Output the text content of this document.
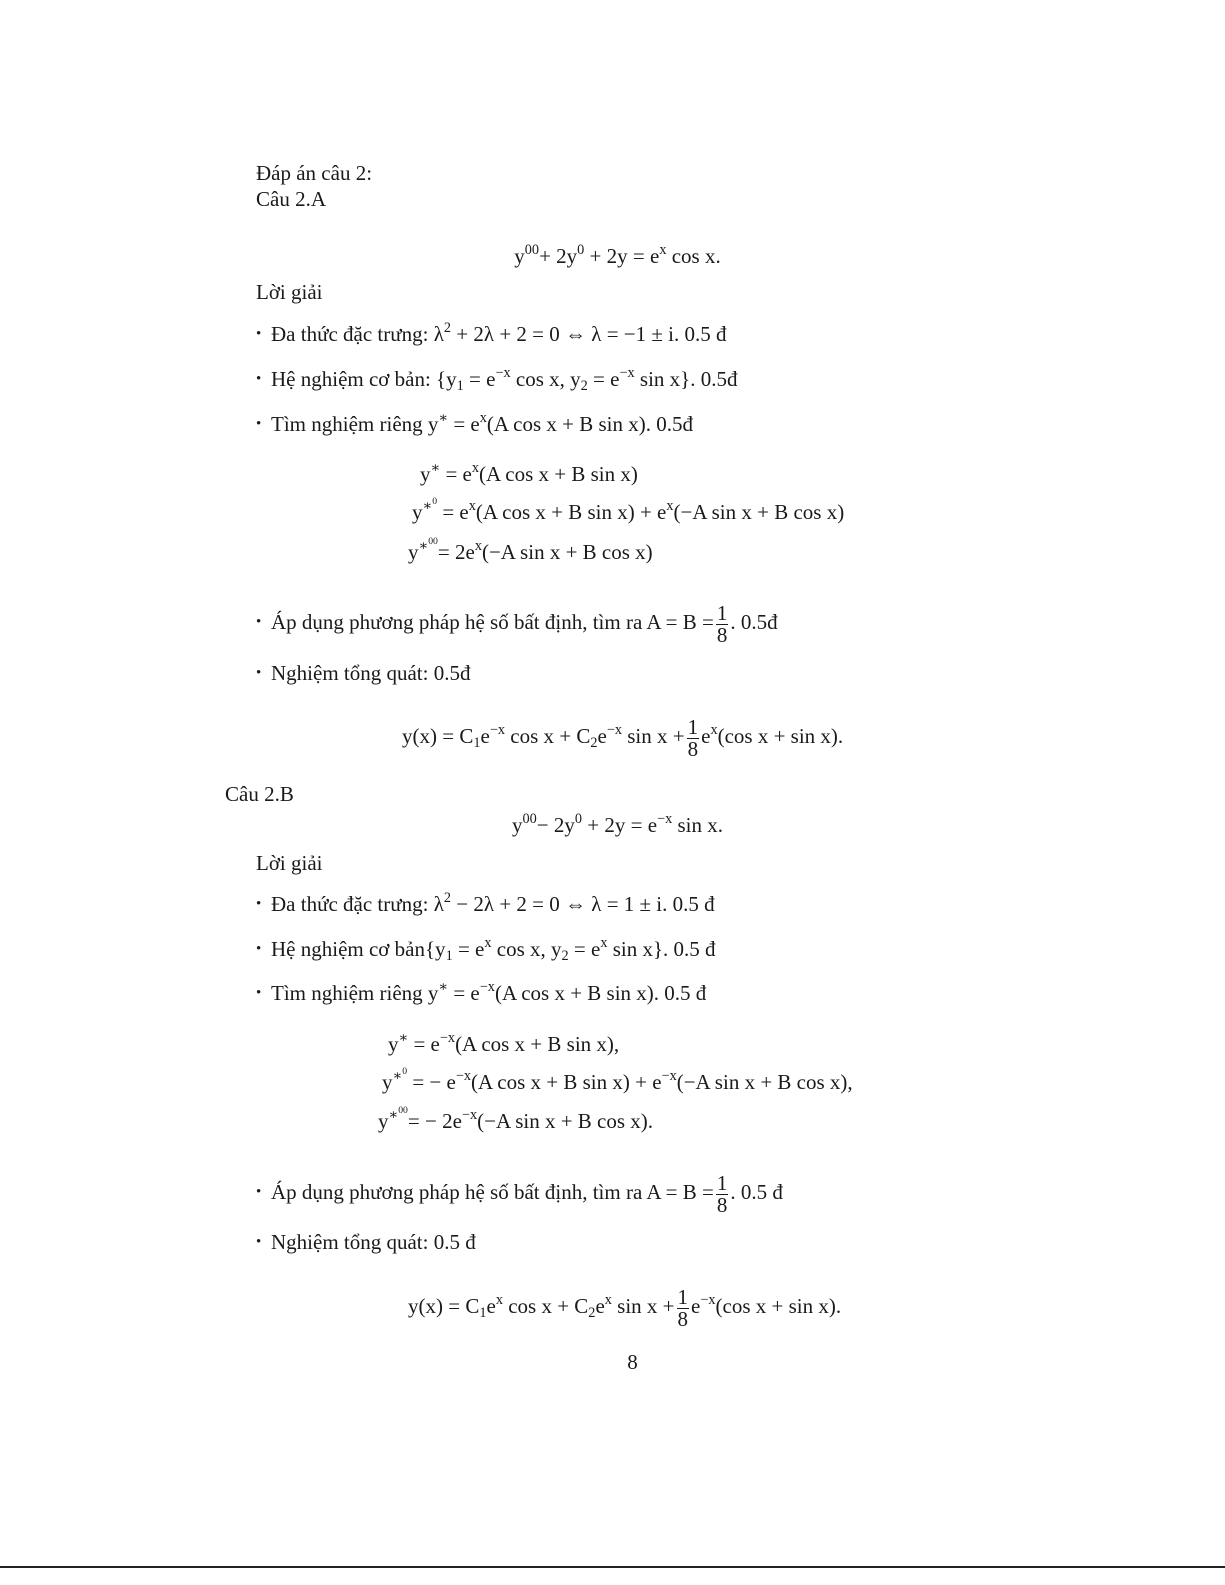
Đáp án câu 2:
Câu 2.A
$y^{00}+ 2y^0 + 2y = e^x$ cos x.
Lời giải
• Đa thức đặc trưng: $\lambda^2 + 2\lambda + 2 = 0$ ⇔ λ = −1 ± i. 0.5 đ
• Hệ nghiệm cơ bản: {$y_1 = e^{-x}$ cos x, $y_2 = e^{-x}$ sin x}. 0.5đ
• Tìm nghiệm riêng $y^∗ = e^x(A$ cos x + B sin x). 0.5đ
$y^∗ = e^x(A$ cos x + B sin x)
$y^{∗^0} = e^x(A$ cos x + B $\sin x) + e^x(-A$ sin x + B cos x)
$y^{∗^{00}}= 2e^x(-A$ sin x + B cos x)
• Áp dụng phương pháp hệ số bất định, tìm ra $A = B = \frac{1}{8}$ . 0.5đ
• Nghiệm tổng quát: 0.5đ
$y(x) = C_1e^{-x}$ $\cos x + C_2e^{-x}$ $\sin x + \frac{1}{8} e^x(\cos$ x + sin x).
Câu 2.B
$y^{00}- 2y^0 + 2y = e^{-x}$ sin x.
Lời giải
• Đa thức đặc trưng: $\lambda^2 - 2\lambda + 2 = 0$ ⇔ λ = 1 ± i. 0.5 đ
• Hệ nghiệm cơ $bản\{y_1 = e^x$ cos x, $y_2 = e^x$ sin x}. 0.5 đ
• Tìm nghiệm riêng $y^∗ = e^{-x}(A$ cos x + B sin x). 0.5 đ
$y^∗ = e^{-x}(A$ cos x + B sin x),
$y^{∗^0}$ = − $e^{-x}(A$ cos x + B $\sin x) + e^{-x}(-A$ sin x + B cos x),
$y^{∗^{00}}= - 2e^{-x}(-A$ sin x + B cos x).
• Áp dụng phương pháp hệ số bất định, tìm ra $A = B = \frac{1}{8}$ . 0.5 đ
• Nghiệm tổng quát: 0.5 đ
$y(x) = C_1e^x$ $\cos x + C_2e^x$ $\sin x + \frac{1}{8} e^{-x}(\cos$ x + sin x).
8
